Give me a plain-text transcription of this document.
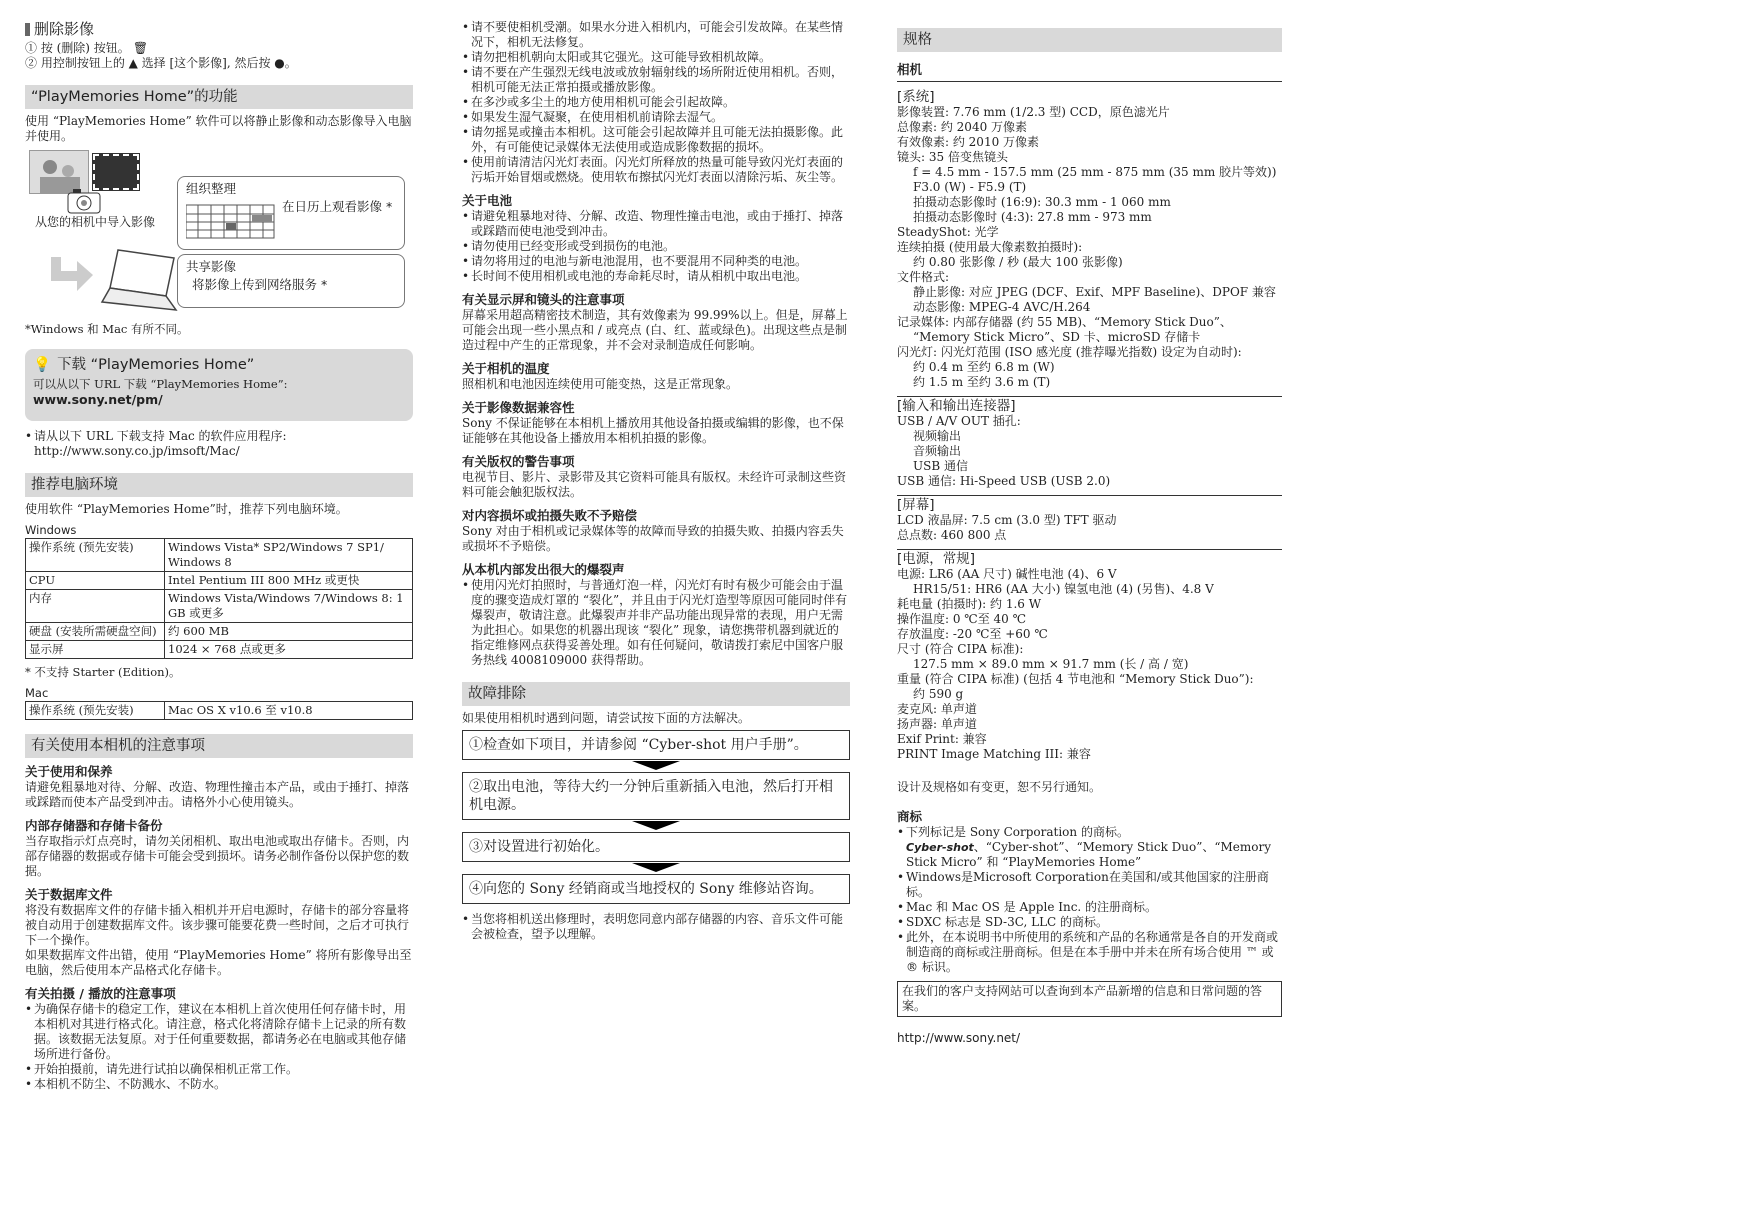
删除影像

① 按 (删除) 按钮。 🗑

② 用控制按钮上的 ▲ 选择 [这个影像], 然后按 ●。

“PlayMemories Home”的功能

使用 “PlayMemories Home” 软件可以将静止影像和动态影像导入电脑并使用。

从您的相机中导入影像
组织整理
在日历上观看影像 *
共享影像
将影像上传到网络服务 *

*Windows 和 Mac 有所不同。

💡 下载 “PlayMemories Home”

可以从以下 URL 下载 “PlayMemories Home”:

www.sony.net/pm/

• 请从以下 URL 下载支持 Mac 的软件应用程序:
http://www.sony.co.jp/imsoft/Mac/
推荐电脑环境

使用软件 “PlayMemories Home”时，推荐下列电脑环境。

Windows

操作系统 (预先安装)	Windows Vista* SP2/Windows 7 SP1/ Windows 8
CPU	Intel Pentium III 800 MHz 或更快
内存	Windows Vista/Windows 7/Windows 8: 1 GB 或更多
硬盘 (安装所需硬盘空间)	约 600 MB
显示屏	1024 × 768 点或更多

* 不支持 Starter (Edition)。

Mac

操作系统 (预先安装)	Mac OS X v10.6 至 v10.8
有关使用本相机的注意事项
关于使用和保养

请避免粗暴地对待、分解、改造、物理性撞击本产品，或由于捶打、掉落或踩踏而使本产品受到冲击。请格外小心使用镜头。

内部存储器和存储卡备份

当存取指示灯点亮时，请勿关闭相机、取出电池或取出存储卡。否则，内部存储器的数据或存储卡可能会受到损坏。请务必制作备份以保护您的数据。

关于数据库文件

将没有数据库文件的存储卡插入相机并开启电源时，存储卡的部分容量将被自动用于创建数据库文件。该步骤可能要花费一些时间，之后才可执行下一个操作。

如果数据库文件出错，使用 “PlayMemories Home” 将所有影像导出至电脑，然后使用本产品格式化存储卡。

有关拍摄 / 播放的注意事项
• 为确保存储卡的稳定工作，建议在本相机上首次使用任何存储卡时，用本相机对其进行格式化。请注意，格式化将清除存储卡上记录的所有数据。该数据无法复原。对于任何重要数据，都请务必在电脑或其他存储场所进行备份。
• 开始拍摄前，请先进行试拍以确保相机正常工作。
• 本相机不防尘、不防溅水、不防水。
• 请不要使相机受潮。如果水分进入相机内，可能会引发故障。在某些情况下，相机无法修复。
• 请勿把相机朝向太阳或其它强光。这可能导致相机故障。
• 请不要在产生强烈无线电波或放射辐射线的场所附近使用相机。否则，相机可能无法正常拍摄或播放影像。
• 在多沙或多尘土的地方使用相机可能会引起故障。
• 如果发生湿气凝聚，在使用相机前请除去湿气。
• 请勿摇晃或撞击本相机。这可能会引起故障并且可能无法拍摄影像。此外，有可能使记录媒体无法使用或造成影像数据的损坏。
• 使用前请清洁闪光灯表面。闪光灯所释放的热量可能导致闪光灯表面的污垢开始冒烟或燃烧。使用软布擦拭闪光灯表面以清除污垢、灰尘等。
关于电池
• 请避免粗暴地对待、分解、改造、物理性撞击电池，或由于捶打、掉落或踩踏而使电池受到冲击。
• 请勿使用已经变形或受到损伤的电池。
• 请勿将用过的电池与新电池混用，也不要混用不同种类的电池。
• 长时间不使用相机或电池的寿命耗尽时，请从相机中取出电池。
有关显示屏和镜头的注意事项

屏幕采用超高精密技术制造，其有效像素为 99.99%以上。但是，屏幕上可能会出现一些小黑点和 / 或亮点 (白、红、蓝或绿色)。出现这些点是制造过程中产生的正常现象，并不会对录制造成任何影响。

关于相机的温度

照相机和电池因连续使用可能变热，这是正常现象。

关于影像数据兼容性

Sony 不保证能够在本相机上播放用其他设备拍摄或编辑的影像，也不保证能够在其他设备上播放用本相机拍摄的影像。

有关版权的警告事项

电视节目、影片、录影带及其它资料可能具有版权。未经许可录制这些资料可能会触犯版权法。

对内容损坏或拍摄失败不予赔偿

Sony 对由于相机或记录媒体等的故障而导致的拍摄失败、拍摄内容丢失或损坏不予赔偿。

从本机内部发出很大的爆裂声
• 使用闪光灯拍照时，与普通灯泡一样，闪光灯有时有极少可能会由于温度的骤变造成灯罩的 “裂化”，并且由于闪光灯造型等原因可能同时伴有爆裂声，敬请注意。此爆裂声并非产品功能出现异常的表现，用户无需为此担心。如果您的机器出现该 “裂化” 现象，请您携带机器到就近的指定维修网点获得妥善处理。如有任何疑问，敬请拨打索尼中国客户服务热线 4008109000 获得帮助。
故障排除

如果使用相机时遇到问题，请尝试按下面的方法解决。

①检查如下项目，并请参阅 “Cyber-shot 用户手册”。
②取出电池，等待大约一分钟后重新插入电池，然后打开相机电源。
③对设置进行初始化。
④向您的 Sony 经销商或当地授权的 Sony 维修站咨询。
• 当您将相机送出修理时，表明您同意内部存储器的内容、音乐文件可能会被检查，望予以理解。
规格
相机
[系统]

影像装置: 7.76 mm (1/2.3 型) CCD，原色滤光片

总像素: 约 2040 万像素

有效像素: 约 2010 万像素

镜头: 35 倍变焦镜头

f = 4.5 mm - 157.5 mm (25 mm - 875 mm (35 mm 胶片等效))

F3.0 (W) - F5.9 (T)

拍摄动态影像时 (16:9): 30.3 mm - 1 060 mm

拍摄动态影像时 (4:3): 27.8 mm - 973 mm

SteadyShot: 光学

连续拍摄 (使用最大像素数拍摄时):

约 0.80 张影像 / 秒 (最大 100 张影像)

文件格式:

静止影像: 对应 JPEG (DCF、Exif、MPF Baseline)、DPOF 兼容

动态影像: MPEG-4 AVC/H.264

记录媒体: 内部存储器 (约 55 MB)、“Memory Stick Duo”、

“Memory Stick Micro”、SD 卡、microSD 存储卡

闪光灯: 闪光灯范围 (ISO 感光度 (推荐曝光指数) 设定为自动时):

约 0.4 m 至约 6.8 m (W)

约 1.5 m 至约 3.6 m (T)

[输入和输出连接器]

USB / A/V OUT 插孔:

视频输出

音频输出

USB 通信

USB 通信: Hi-Speed USB (USB 2.0)

[屏幕]

LCD 液晶屏: 7.5 cm (3.0 型) TFT 驱动

总点数: 460 800 点

[电源，常规]

电源: LR6 (AA 尺寸) 碱性电池 (4)、6 V

HR15/51: HR6 (AA 大小) 镍氢电池 (4) (另售)、4.8 V

耗电量 (拍摄时): 约 1.6 W

操作温度: 0 ℃至 40 ℃

存放温度: -20 ℃至 +60 ℃

尺寸 (符合 CIPA 标准):

127.5 mm × 89.0 mm × 91.7 mm (长 / 高 / 宽)

重量 (符合 CIPA 标准) (包括 4 节电池和 “Memory Stick Duo”):

约 590 g

麦克风: 单声道

扬声器: 单声道

Exif Print: 兼容

PRINT Image Matching III: 兼容

设计及规格如有变更，恕不另行通知。

商标
• 下列标记是 Sony Corporation 的商标。

Cyber-shot、“Cyber-shot”、“Memory Stick Duo”、“Memory Stick Micro” 和 “PlayMemories Home”

• Windows是Microsoft Corporation在美国和/或其他国家的注册商标。
• Mac 和 Mac OS 是 Apple Inc. 的注册商标。
• SDXC 标志是 SD-3C, LLC 的商标。
• 此外，在本说明书中所使用的系统和产品的名称通常是各自的开发商或制造商的商标或注册商标。但是在本手册中并未在所有场合使用 ™ 或 ® 标识。
在我们的客户支持网站可以查询到本产品新增的信息和日常问题的答案。

http://www.sony.net/
